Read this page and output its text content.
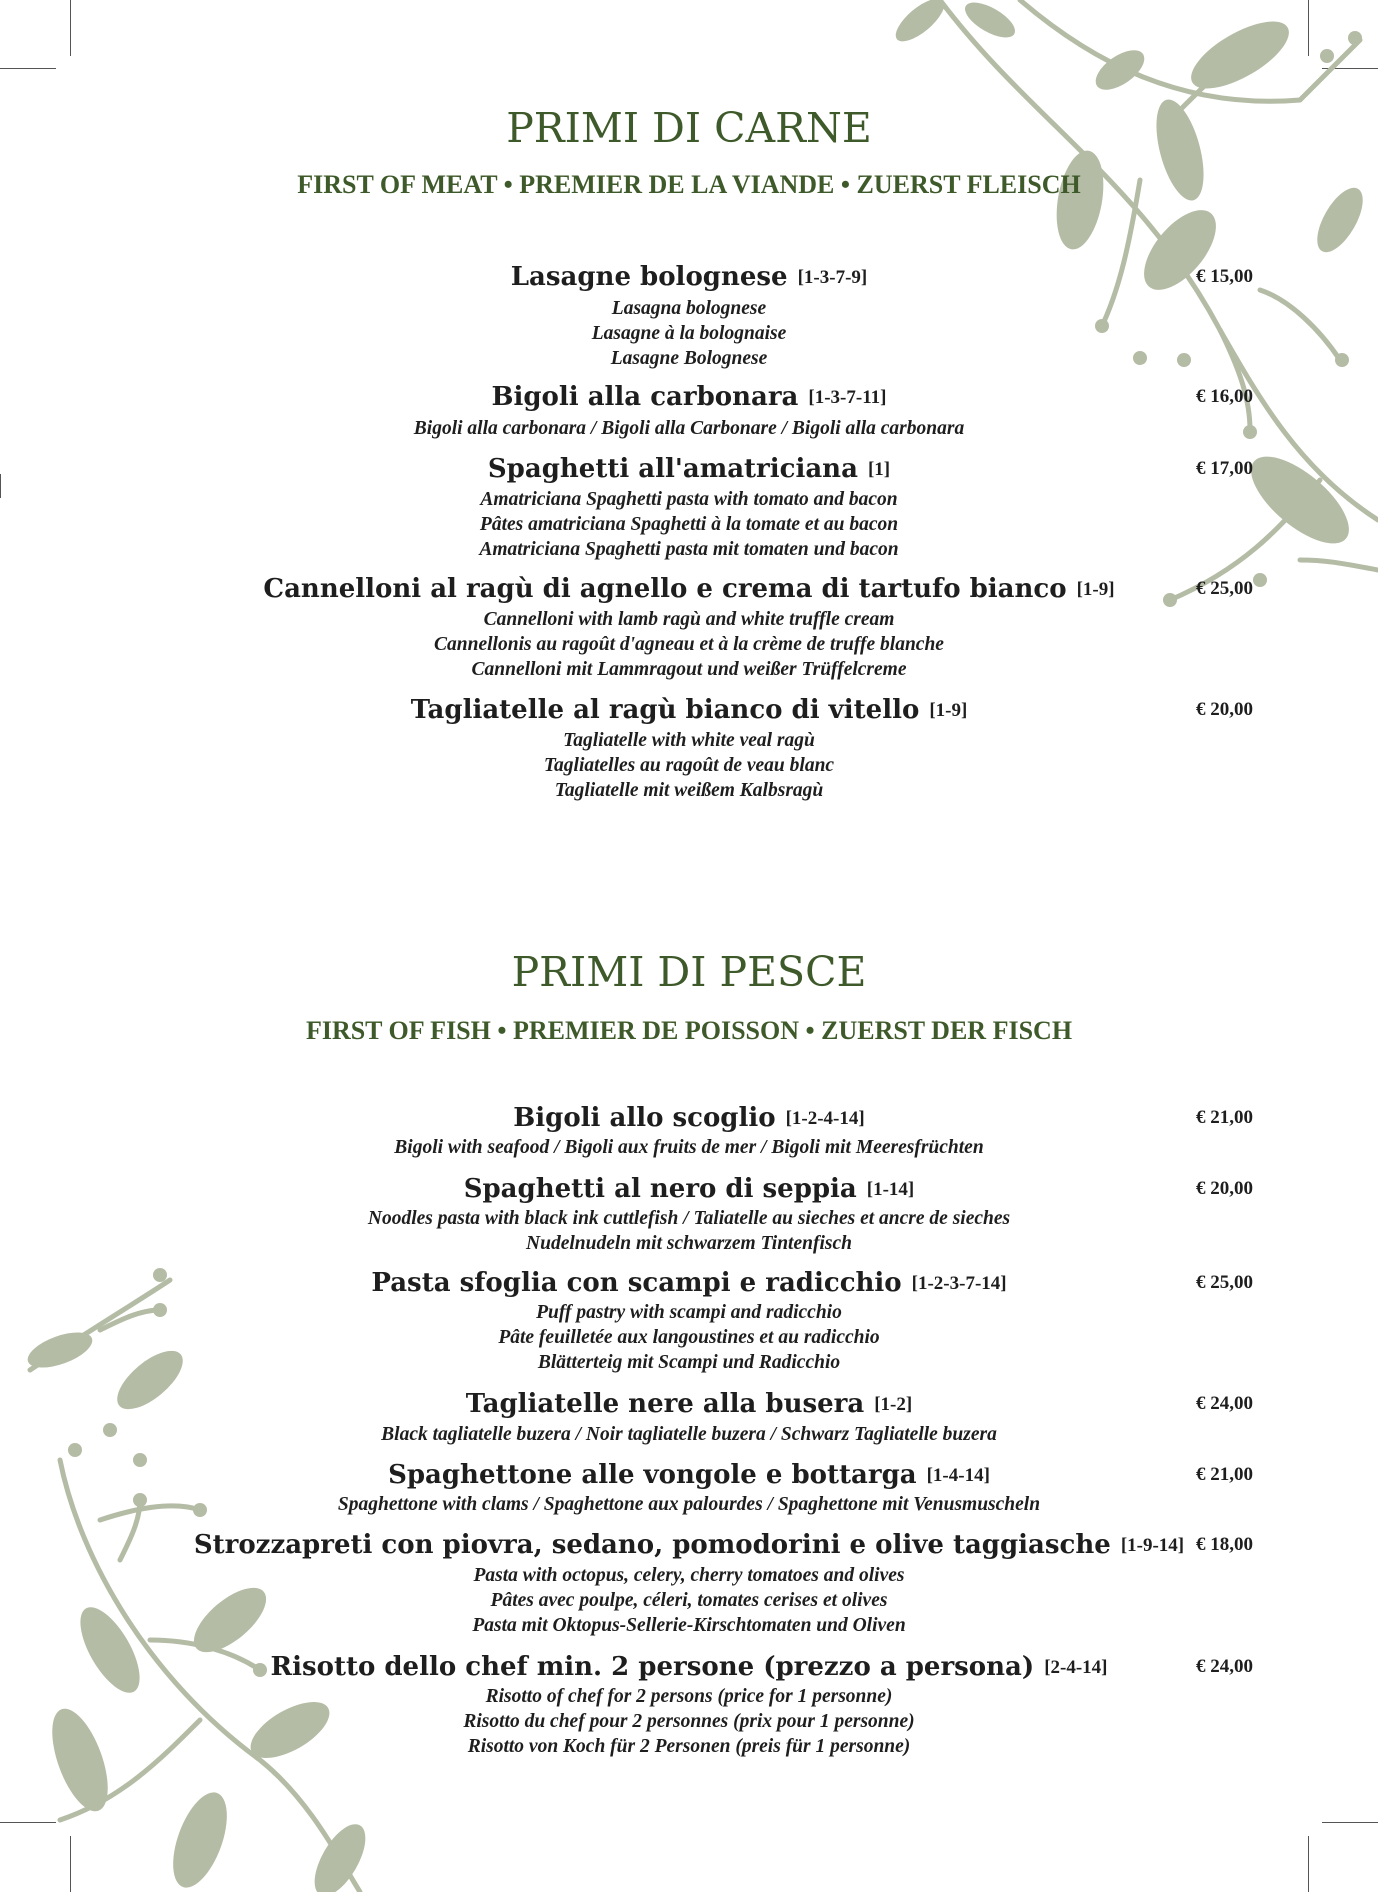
PRIMI DI CARNE
FIRST OF MEAT • PREMIER DE LA VIANDE • ZUERST FLEISCH
Lasagne bolognese [1-3-7-9]	€ 15,00
Lasagna bolognese
Lasagne à la bolognaise
Lasagne Bolognese
Bigoli alla carbonara [1-3-7-11]	€ 16,00
Bigoli alla carbonara / Bigoli alla Carbonare / Bigoli alla carbonara
Spaghetti all'amatriciana [1]	€ 17,00
Amatriciana Spaghetti pasta with tomato and bacon
Pâtes amatriciana Spaghetti à la tomate et au bacon
Amatriciana Spaghetti pasta mit tomaten und bacon
Cannelloni al ragù di agnello e crema di tartufo bianco [1-9]	€ 25,00
Cannelloni with lamb ragù and white truffle cream
Cannellonis au ragoût d'agneau et à la crème de truffe blanche
Cannelloni mit Lammragout und weißer Trüffelcreme
Tagliatelle al ragù bianco di vitello [1-9]	€ 20,00
Tagliatelle with white veal ragù
Tagliatelles au ragoût de veau blanc
Tagliatelle mit weißem Kalbsragù
PRIMI DI PESCE
FIRST OF FISH • PREMIER DE POISSON • ZUERST DER FISCH
Bigoli allo scoglio [1-2-4-14]	€ 21,00
Bigoli with seafood / Bigoli aux fruits de mer / Bigoli mit Meeresfrüchten
Spaghetti al nero di seppia [1-14]	€ 20,00
Noodles pasta with black ink cuttlefish / Taliatelle au sieches et ancre de sieches
Nudelnudeln mit schwarzem Tintenfisch
Pasta sfoglia con scampi e radicchio [1-2-3-7-14]	€ 25,00
Puff pastry with scampi and radicchio
Pâte feuilletée aux langoustines et au radicchio
Blätterteig mit Scampi und Radicchio
Tagliatelle nere alla busera [1-2]	€ 24,00
Black tagliatelle buzera / Noir tagliatelle buzera / Schwarz Tagliatelle buzera
Spaghettone alle vongole e bottarga [1-4-14]	€ 21,00
Spaghettone with clams / Spaghettone aux palourdes / Spaghettone mit Venusmuscheln
Strozzapreti con piovra, sedano, pomodorini e olive taggiasche [1-9-14] € 18,00
Pasta with octopus, celery, cherry tomatoes and olives
Pâtes avec poulpe, céleri, tomates cerises et olives
Pasta mit Oktopus-Sellerie-Kirschtomaten und Oliven
Risotto dello chef min. 2 persone (prezzo a persona) [2-4-14]	€ 24,00
Risotto of chef for 2 persons (price for 1 personne)
Risotto du chef pour 2 personnes (prix pour 1 personne)
Risotto von Koch für 2 Personen (preis für 1 personne)
